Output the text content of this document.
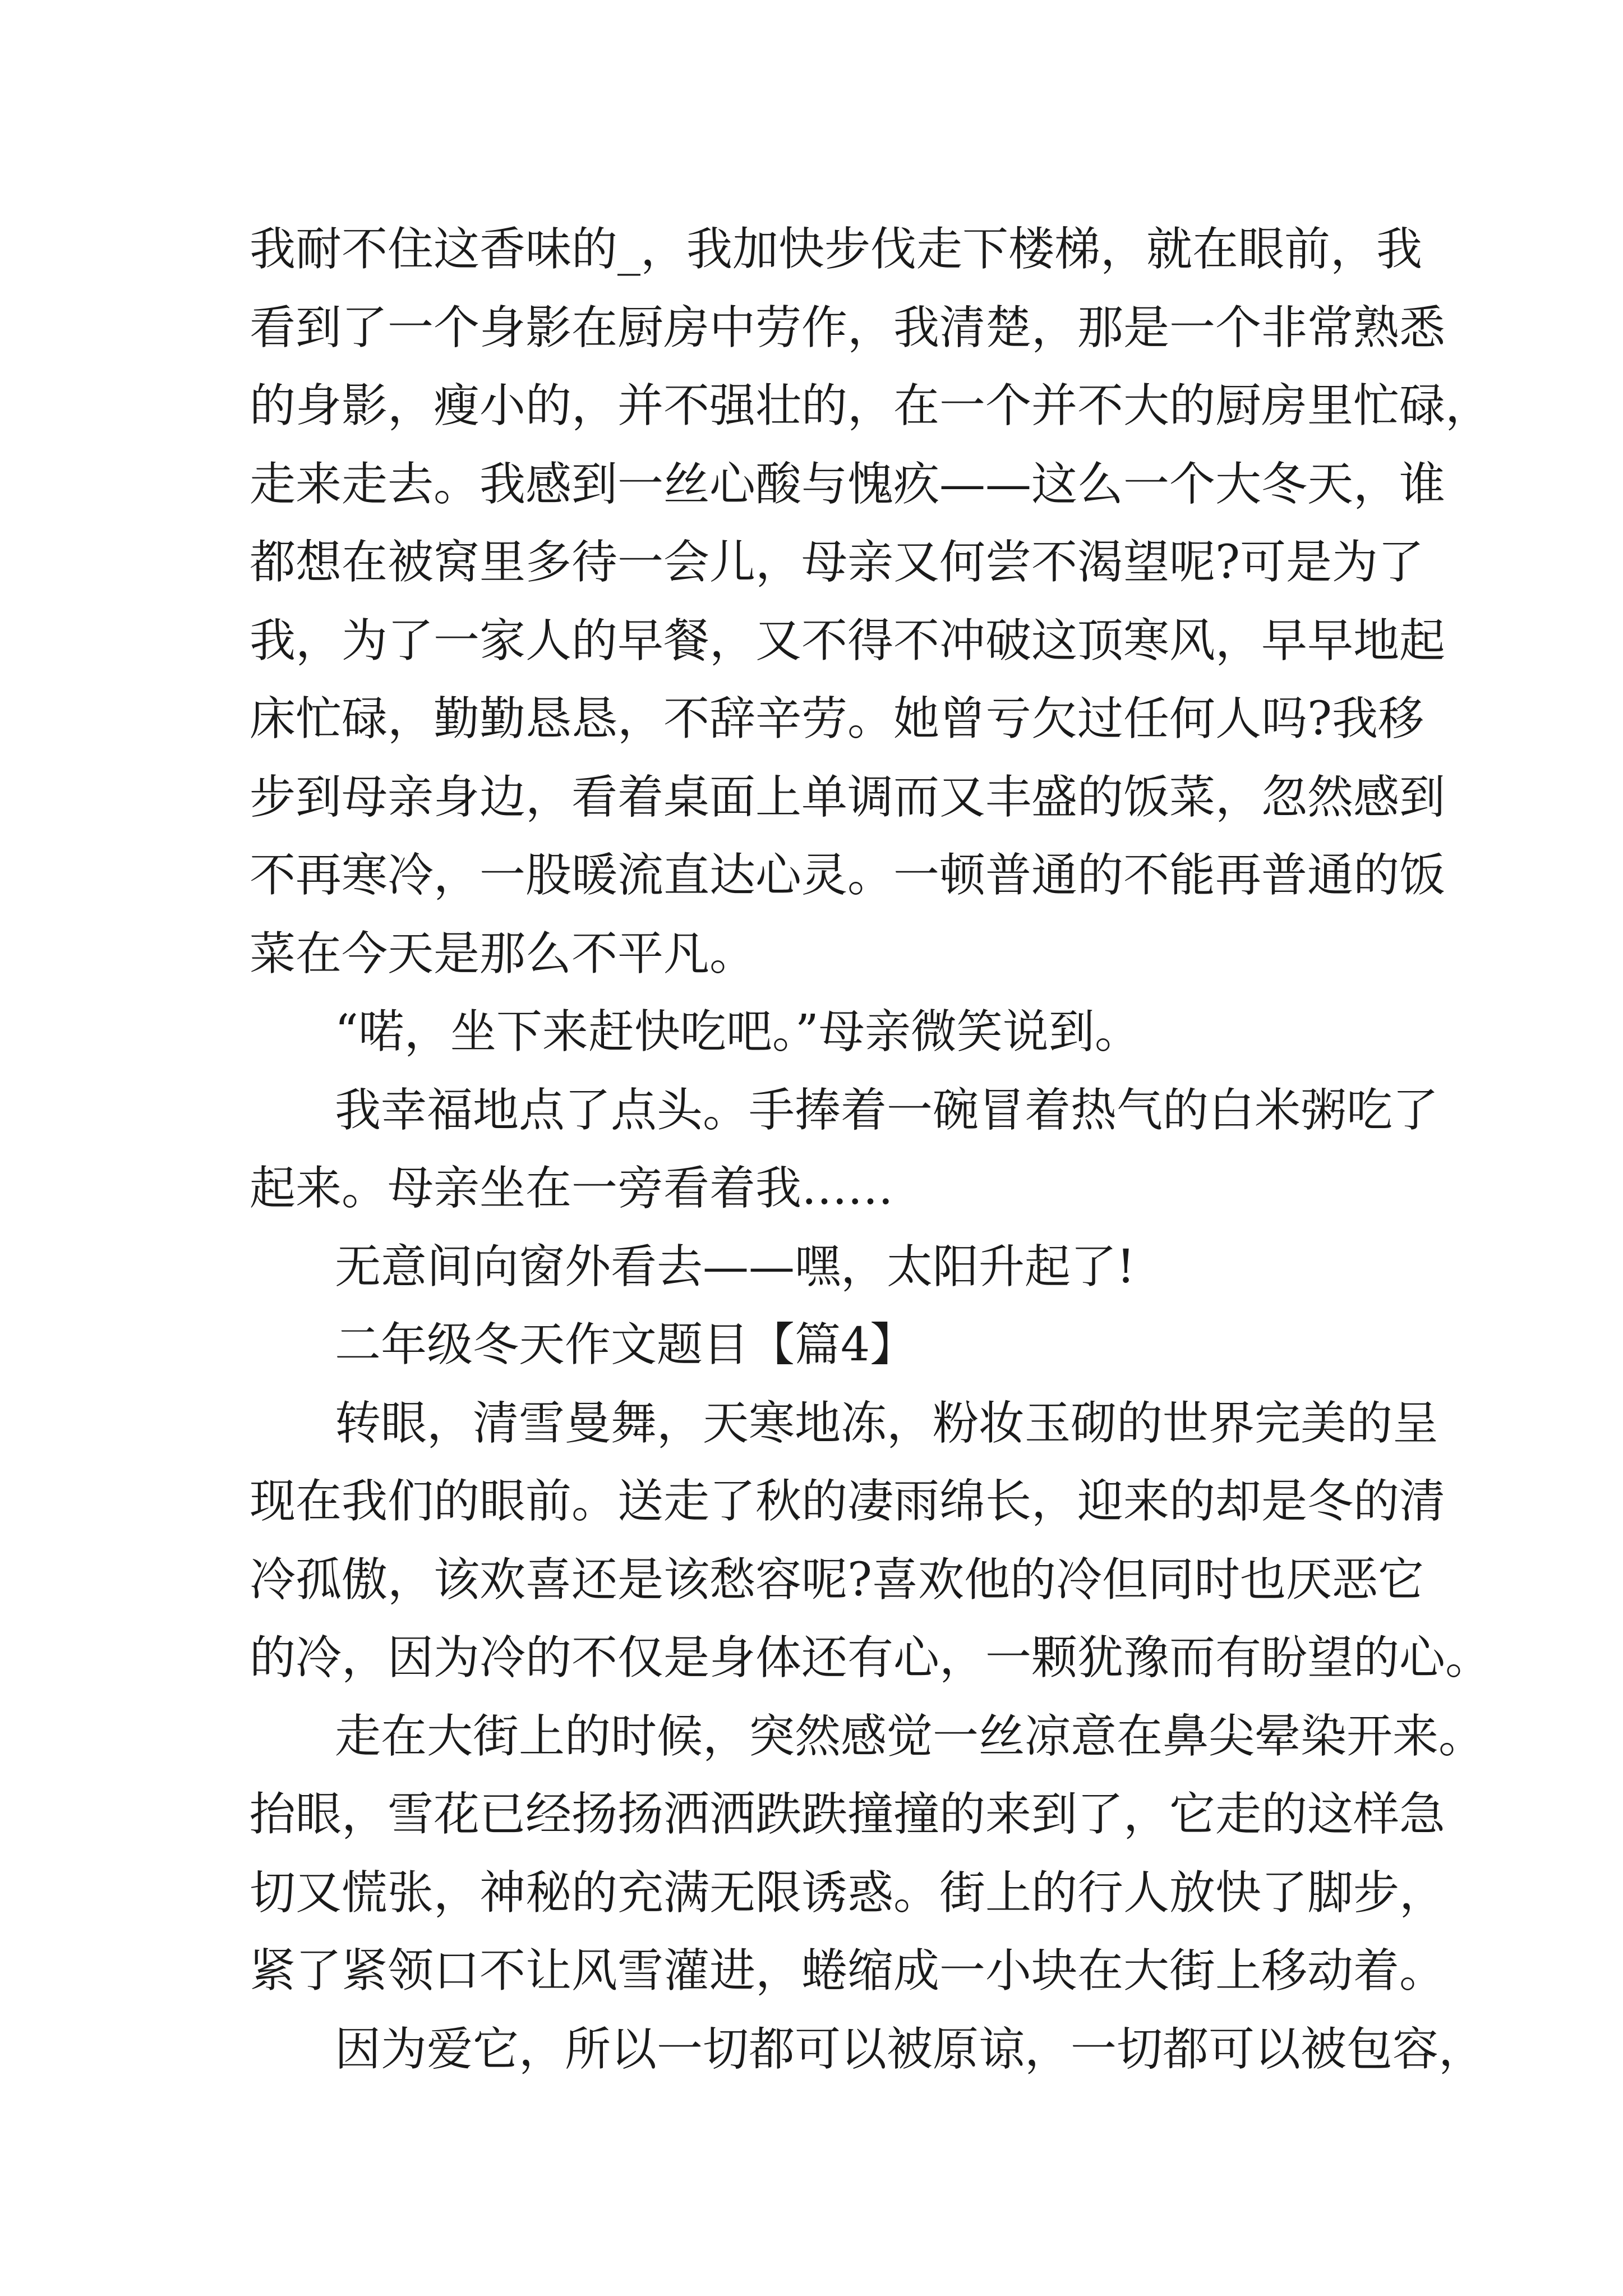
我耐不住这香味的_，我加快步伐走下楼梯，就在眼前，我
看到了一个身影在厨房中劳作，我清楚，那是一个非常熟悉
的身影，瘦小的，并不强壮的，在一个并不大的厨房里忙碌，
走来走去。我感到一丝心酸与愧疚——这么一个大冬天，谁
都想在被窝里多待一会儿，母亲又何尝不渴望呢?可是为了
我，为了一家人的早餐，又不得不冲破这顶寒风，早早地起
床忙碌，勤勤恳恳，不辞辛劳。她曾亏欠过任何人吗?我移
步到母亲身边，看着桌面上单调而又丰盛的饭菜，忽然感到
不再寒冷，一股暖流直达心灵。一顿普通的不能再普通的饭
菜在今天是那么不平凡。
“喏，坐下来赶快吃吧。”母亲微笑说到。
我幸福地点了点头。手捧着一碗冒着热气的白米粥吃了
起来。母亲坐在一旁看着我……
无意间向窗外看去——嘿，太阳升起了!
二年级冬天作文题目【篇4】
转眼，清雪曼舞，天寒地冻，粉妆玉砌的世界完美的呈
现在我们的眼前。送走了秋的凄雨绵长，迎来的却是冬的清
冷孤傲，该欢喜还是该愁容呢?喜欢他的冷但同时也厌恶它
的冷，因为冷的不仅是身体还有心，一颗犹豫而有盼望的心。
走在大街上的时候，突然感觉一丝凉意在鼻尖晕染开来。
抬眼，雪花已经扬扬洒洒跌跌撞撞的来到了，它走的这样急
切又慌张，神秘的充满无限诱惑。街上的行人放快了脚步，
紧了紧领口不让风雪灌进，蜷缩成一小块在大街上移动着。
因为爱它，所以一切都可以被原谅，一切都可以被包容，
